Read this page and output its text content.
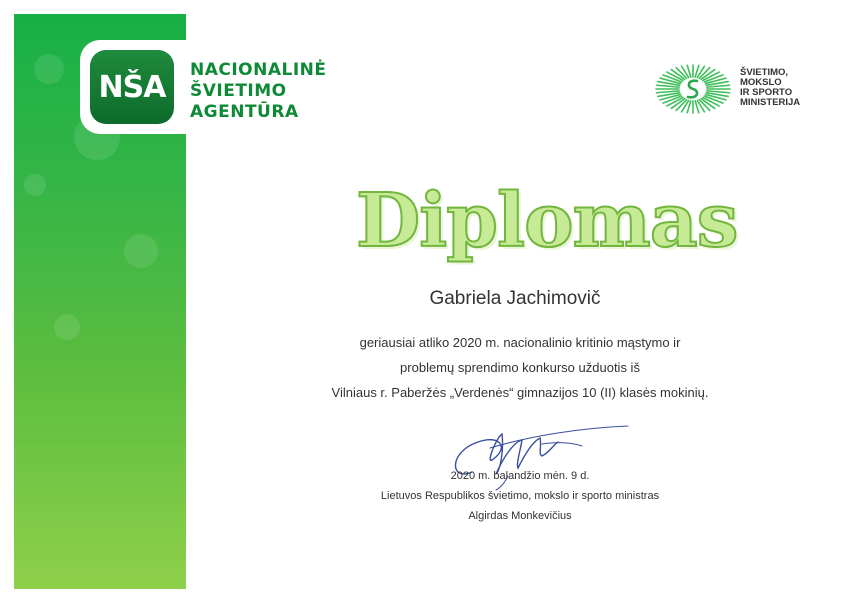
NŠA NACIONALINĖ
ŠVIETIMO
AGENTŪRA
ŠVIETIMO,
MOKSLO
IR SPORTO
MINISTERIJA
Diplomas
Gabriela Jachimovič
geriausiai atliko 2020 m. nacionalinio kritinio mąstymo ir
problemų sprendimo konkurso užduotis iš
Vilniaus r. Paberžės „Verdenės“ gimnazijos 10 (II) klasės mokinių.
2020 m. balandžio mėn. 9 d.
Lietuvos Respublikos švietimo, mokslo ir sporto ministras
Algirdas Monkevičius
